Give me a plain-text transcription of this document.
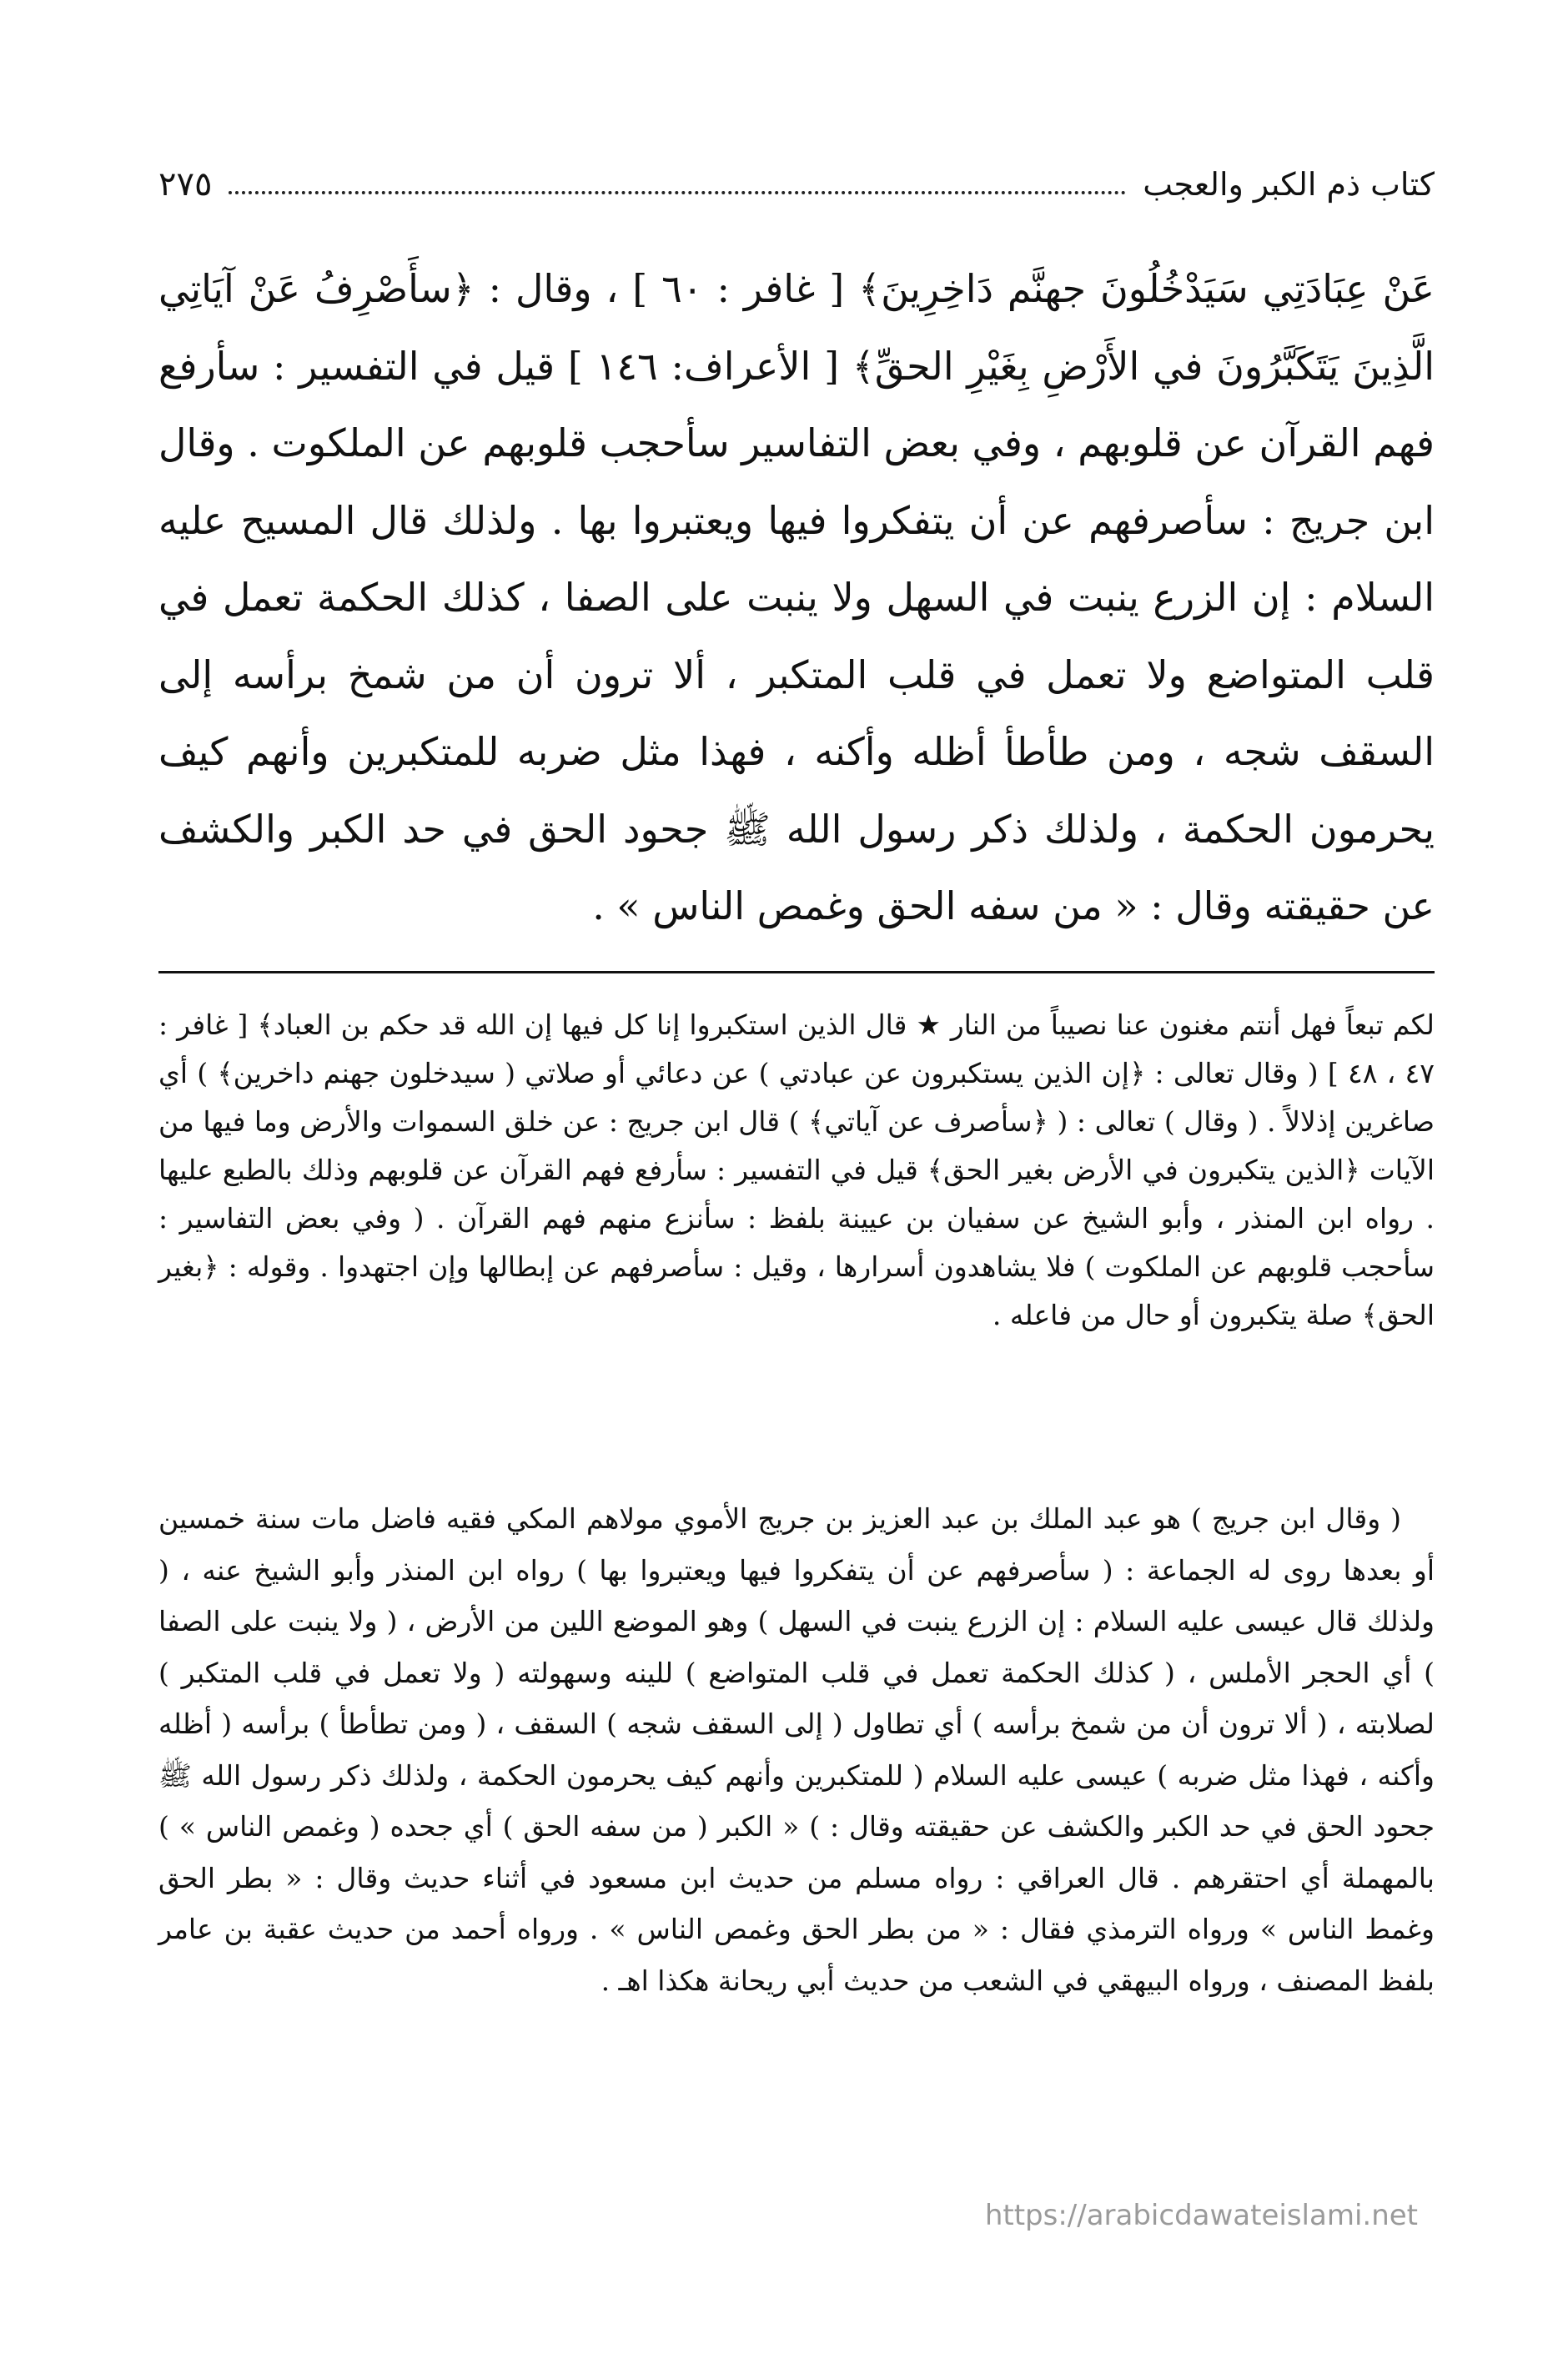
كتاب ذم الكبر والعجب
٢٧٥

عَنْ عِبَادَتِي سَيَدْخُلُونَ جهنَّم دَاخِرِينَ﴾ [ غافر : ٦٠ ] ، وقال : ﴿سأَصْرِفُ عَنْ آيَاتِي الَّذِينَ يَتَكَبَّرُونَ في الأَرْضِ بِغَيْرِ الحقِّ﴾ [ الأعراف: ١٤٦ ] قيل في التفسير : سأرفع فهم القرآن عن قلوبهم ، وفي بعض التفاسير سأحجب قلوبهم عن الملكوت . وقال ابن جريج : سأصرفهم عن أن يتفكروا فيها ويعتبروا بها . ولذلك قال المسيح عليه السلام : إن الزرع ينبت في السهل ولا ينبت على الصفا ، كذلك الحكمة تعمل في قلب المتواضع ولا تعمل في قلب المتكبر ، ألا ترون أن من شمخ برأسه إلى السقف شجه ، ومن طأطأ أظله وأكنه ، فهذا مثل ضربه للمتكبرين وأنهم كيف يحرمون الحكمة ، ولذلك ذكر رسول الله ﷺ جحود الحق في حد الكبر والكشف عن حقيقته وقال : « من سفه الحق وغمص الناس » .

لكم تبعاً فهل أنتم مغنون عنا نصيباً من النار ★ قال الذين استكبروا إنا كل فيها إن الله قد حكم بن العباد﴾ [ غافر : ٤٧ ، ٤٨ ] ( وقال تعالى : ﴿إن الذين يستكبرون عن عبادتي ) عن دعائي أو صلاتي ( سيدخلون جهنم داخرين﴾ ) أي صاغرين إذلالاً . ( وقال ) تعالى : ( ﴿سأصرف عن آياتي﴾ ) قال ابن جريج : عن خلق السموات والأرض وما فيها من الآيات ﴿الذين يتكبرون في الأرض بغير الحق﴾ قيل في التفسير : سأرفع فهم القرآن عن قلوبهم وذلك بالطبع عليها . رواه ابن المنذر ، وأبو الشيخ عن سفيان بن عيينة بلفظ : سأنزع منهم فهم القرآن . ( وفي بعض التفاسير : سأحجب قلوبهم عن الملكوت ) فلا يشاهدون أسرارها ، وقيل : سأصرفهم عن إبطالها وإن اجتهدوا . وقوله : ﴿بغير الحق﴾ صلة يتكبرون أو حال من فاعله .

( وقال ابن جريج ) هو عبد الملك بن عبد العزيز بن جريج الأموي مولاهم المكي فقيه فاضل مات سنة خمسين أو بعدها روى له الجماعة : ( سأصرفهم عن أن يتفكروا فيها ويعتبروا بها ) رواه ابن المنذر وأبو الشيخ عنه ، ( ولذلك قال عيسى عليه السلام : إن الزرع ينبت في السهل ) وهو الموضع اللين من الأرض ، ( ولا ينبت على الصفا ) أي الحجر الأملس ، ( كذلك الحكمة تعمل في قلب المتواضع ) للينه وسهولته ( ولا تعمل في قلب المتكبر ) لصلابته ، ( ألا ترون أن من شمخ برأسه ) أي تطاول ( إلى السقف شجه ) السقف ، ( ومن تطأطأ ) برأسه ( أظله وأكنه ، فهذا مثل ضربه ) عيسى عليه السلام ( للمتكبرين وأنهم كيف يحرمون الحكمة ، ولذلك ذكر رسول الله ﷺ جحود الحق في حد الكبر والكشف عن حقيقته وقال : ) « الكبر ( من سفه الحق ) أي جحده ( وغمص الناس » ) بالمهملة أي احتقرهم . قال العراقي : رواه مسلم من حديث ابن مسعود في أثناء حديث وقال : « بطر الحق وغمط الناس » ورواه الترمذي فقال : « من بطر الحق وغمص الناس » . ورواه أحمد من حديث عقبة بن عامر بلفظ المصنف ، ورواه البيهقي في الشعب من حديث أبي ريحانة هكذا اهـ .

https://arabicdawateislami.net
